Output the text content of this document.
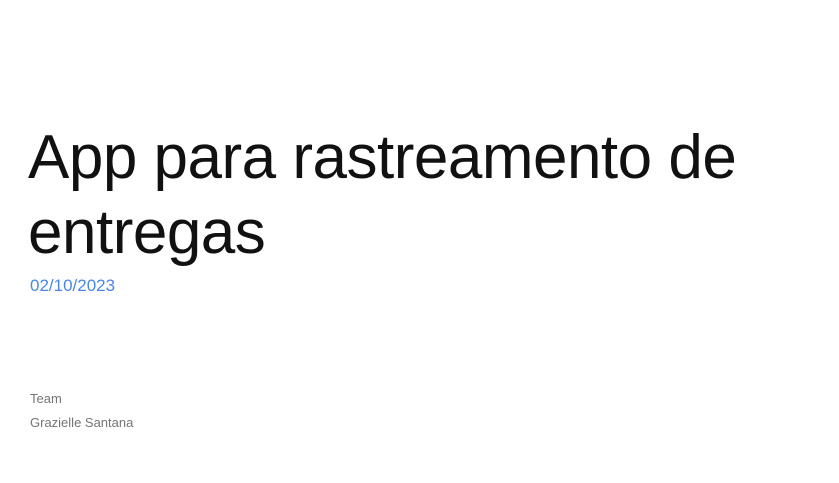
App para rastreamento de entregas

02/10/2023

Team

Grazielle Santana
